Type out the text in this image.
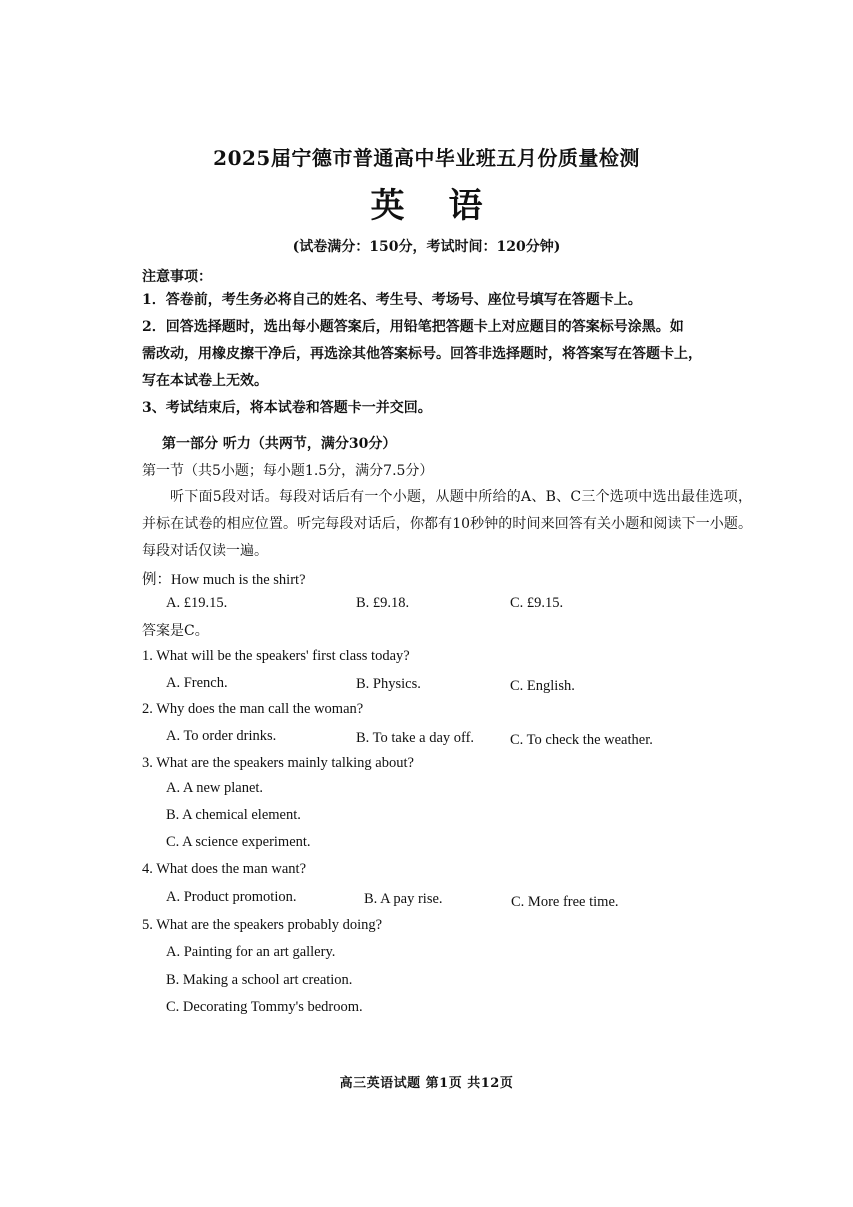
2025届宁德市普通高中毕业班五月份质量检测
英语
(试卷满分：150分，考试时间：120分钟)
注意事项：
1．答卷前，考生务必将自己的姓名、考生号、考场号、座位号填写在答题卡上。
2．回答选择题时，选出每小题答案后，用铅笔把答题卡上对应题目的答案标号涂黑。如
需改动，用橡皮擦干净后，再选涂其他答案标号。回答非选择题时，将答案写在答题卡上，
写在本试卷上无效。
3、考试结束后，将本试卷和答题卡一并交回。
第一部分 听力（共两节，满分30分）
第一节（共5小题；每小题1.5分，满分7.5分）
听下面5段对话。每段对话后有一个小题，从题中所给的A、B、C三个选项中选出最佳选项，并标在试卷的相应位置。听完每段对话后，你都有10秒钟的时间来回答有关小题和阅读下一小题。每段对话仅读一遍。
例：How much is the shirt?
A. £19.15.	B. £9.18.	C. £9.15.
答案是C。
1. What will be the speakers' first class today?
A. French.	B. Physics.	C. English.
2. Why does the man call the woman?
A. To order drinks.	B. To take a day off. C. To check the weather.
3. What are the speakers mainly talking about?
A. A new planet.
B. A chemical element.
C. A science experiment.
4. What does the man want?
A. Product promotion.	B. A pay rise.	C. More free time.
5. What are the speakers probably doing?
A. Painting for an art gallery.
B. Making a school art creation.
C. Decorating Tommy's bedroom.
高三英语试题 第1页 共12页
